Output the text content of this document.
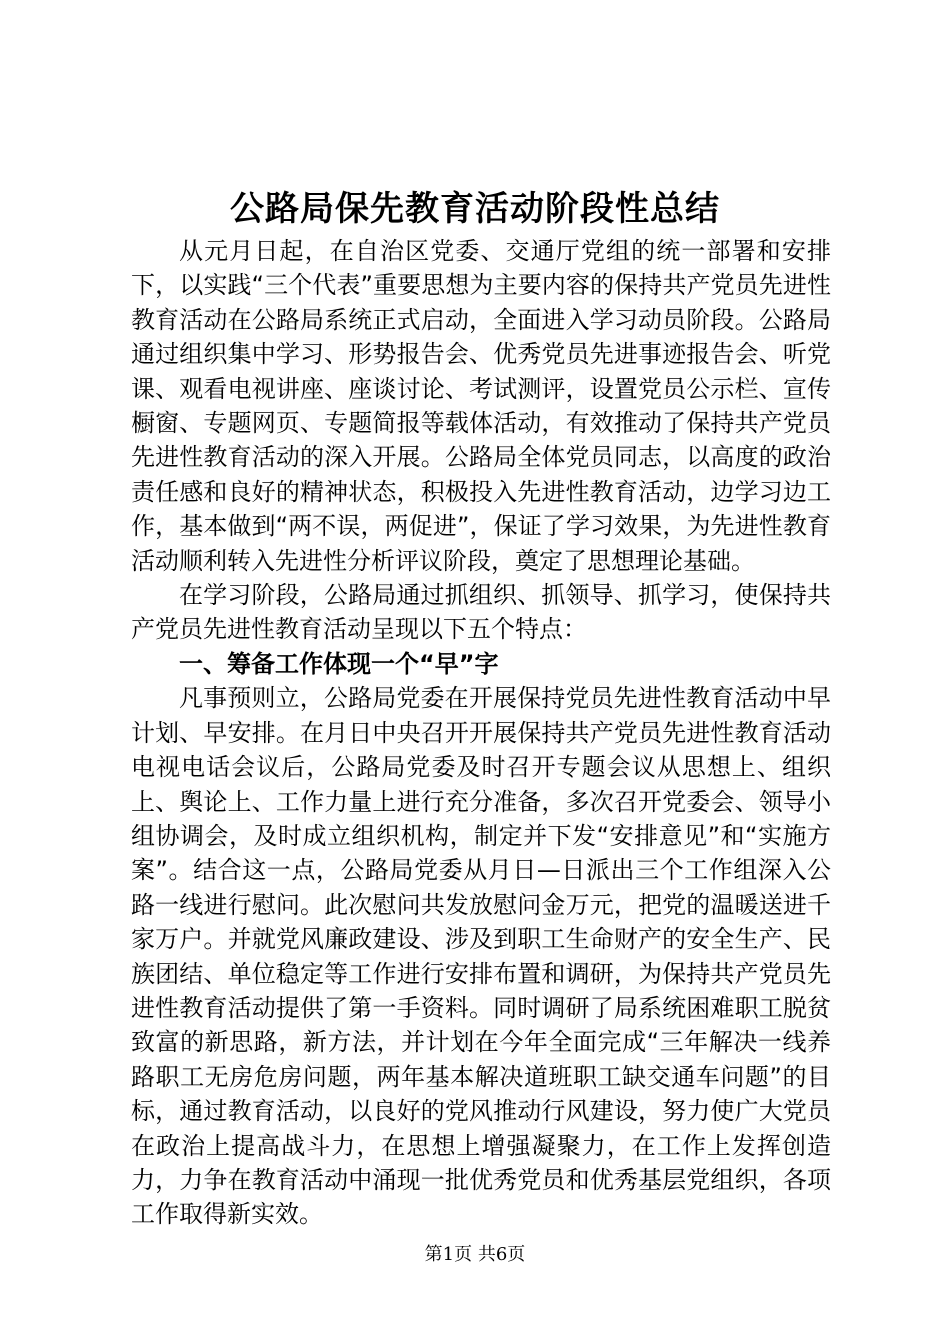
公路局保先教育活动阶段性总结

从元月日起，在自治区党委、交通厅党组的统一部署和安排下，以实践“三个代表”重要思想为主要内容的保持共产党员先进性教育活动在公路局系统正式启动，全面进入学习动员阶段。公路局通过组织集中学习、形势报告会、优秀党员先进事迹报告会、听党课、观看电视讲座、座谈讨论、考试测评，设置党员公示栏、宣传橱窗、专题网页、专题简报等载体活动，有效推动了保持共产党员先进性教育活动的深入开展。公路局全体党员同志，以高度的政治责任感和良好的精神状态，积极投入先进性教育活动，边学习边工作，基本做到“两不误，两促进”，保证了学习效果，为先进性教育活动顺利转入先进性分析评议阶段，奠定了思想理论基础。

在学习阶段，公路局通过抓组织、抓领导、抓学习，使保持共产党员先进性教育活动呈现以下五个特点：

一、筹备工作体现一个“早”字

凡事预则立，公路局党委在开展保持党员先进性教育活动中早计划、早安排。在月日中央召开开展保持共产党员先进性教育活动电视电话会议后，公路局党委及时召开专题会议从思想上、组织上、舆论上、工作力量上进行充分准备，多次召开党委会、领导小组协调会，及时成立组织机构，制定并下发“安排意见”和“实施方案”。结合这一点，公路局党委从月日—日派出三个工作组深入公路一线进行慰问。此次慰问共发放慰问金万元，把党的温暖送进千家万户。并就党风廉政建设、涉及到职工生命财产的安全生产、民族团结、单位稳定等工作进行安排布置和调研，为保持共产党员先进性教育活动提供了第一手资料。同时调研了局系统困难职工脱贫致富的新思路，新方法，并计划在今年全面完成“三年解决一线养路职工无房危房问题，两年基本解决道班职工缺交通车问题”的目标，通过教育活动，以良好的党风推动行风建设，努力使广大党员在政治上提高战斗力，在思想上增强凝聚力，在工作上发挥创造力，力争在教育活动中涌现一批优秀党员和优秀基层党组织，各项工作取得新实效。

第1页 共6页
